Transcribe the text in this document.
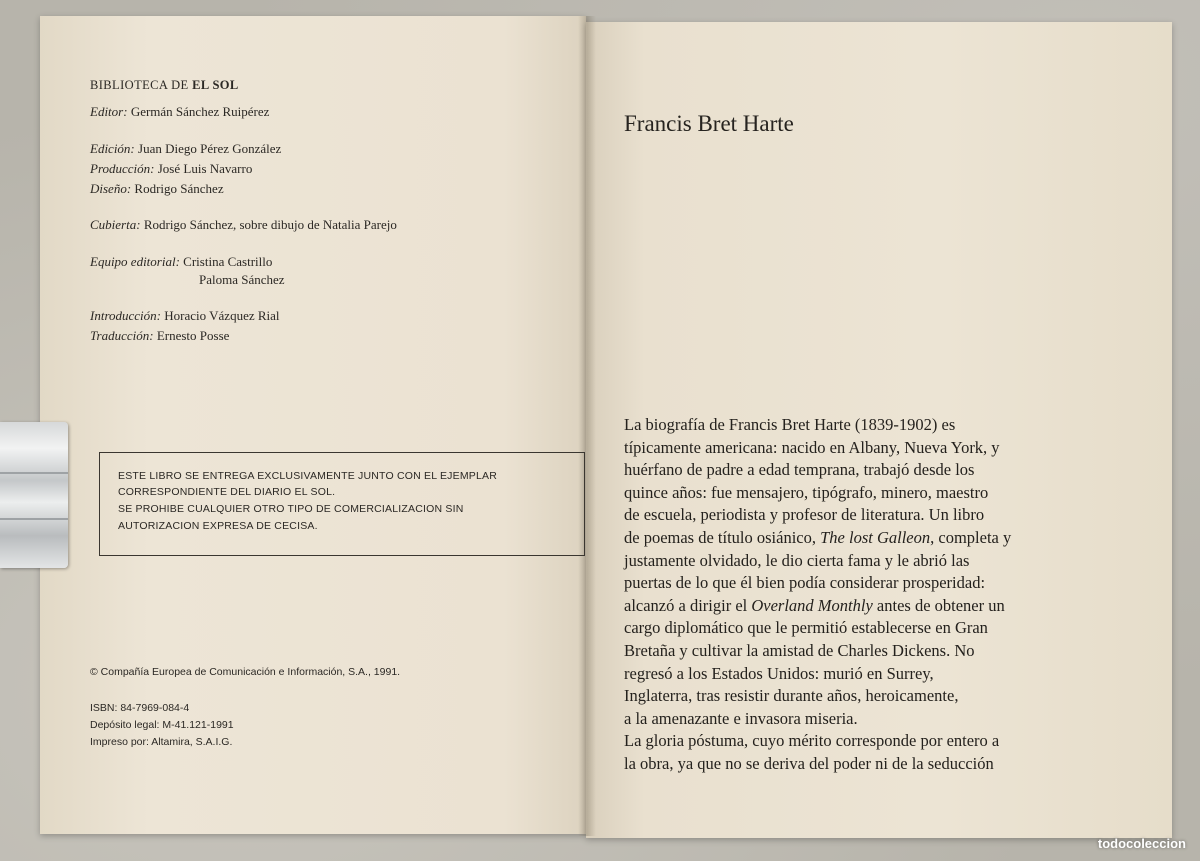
BIBLIOTECA DE EL SOL
Editor: Germán Sánchez Ruipérez
Edición: Juan Diego Pérez González
Producción: José Luis Navarro
Diseño: Rodrigo Sánchez
Cubierta: Rodrigo Sánchez, sobre dibujo de Natalia Parejo
Equipo editorial: Cristina Castrillo
Paloma Sánchez
Introducción: Horacio Vázquez Rial
Traducción: Ernesto Posse
ESTE LIBRO SE ENTREGA EXCLUSIVAMENTE JUNTO CON EL EJEMPLAR
CORRESPONDIENTE DEL DIARIO EL SOL.
SE PROHIBE CUALQUIER OTRO TIPO DE COMERCIALIZACION SIN
AUTORIZACION EXPRESA DE CECISA.
© Compañía Europea de Comunicación e Información, S.A., 1991.
ISBN: 84-7969-084-4
Depósito legal: M-41.121-1991
Impreso por: Altamira, S.A.I.G.
Francis Bret Harte
La biografía de Francis Bret Harte (1839-1902) es
típicamente americana: nacido en Albany, Nueva York, y
huérfano de padre a edad temprana, trabajó desde los
quince años: fue mensajero, tipógrafo, minero, maestro
de escuela, periodista y profesor de literatura. Un libro
de poemas de título osiánico, The lost Galleon, completa y
justamente olvidado, le dio cierta fama y le abrió las
puertas de lo que él bien podía considerar prosperidad:
alcanzó a dirigir el Overland Monthly antes de obtener un
cargo diplomático que le permitió establecerse en Gran
Bretaña y cultivar la amistad de Charles Dickens. No
regresó a los Estados Unidos: murió en Surrey,
Inglaterra, tras resistir durante años, heroicamente,
a la amenazante e invasora miseria.
La gloria póstuma, cuyo mérito corresponde por entero a
la obra, ya que no se deriva del poder ni de la seducción
todocoleccion
